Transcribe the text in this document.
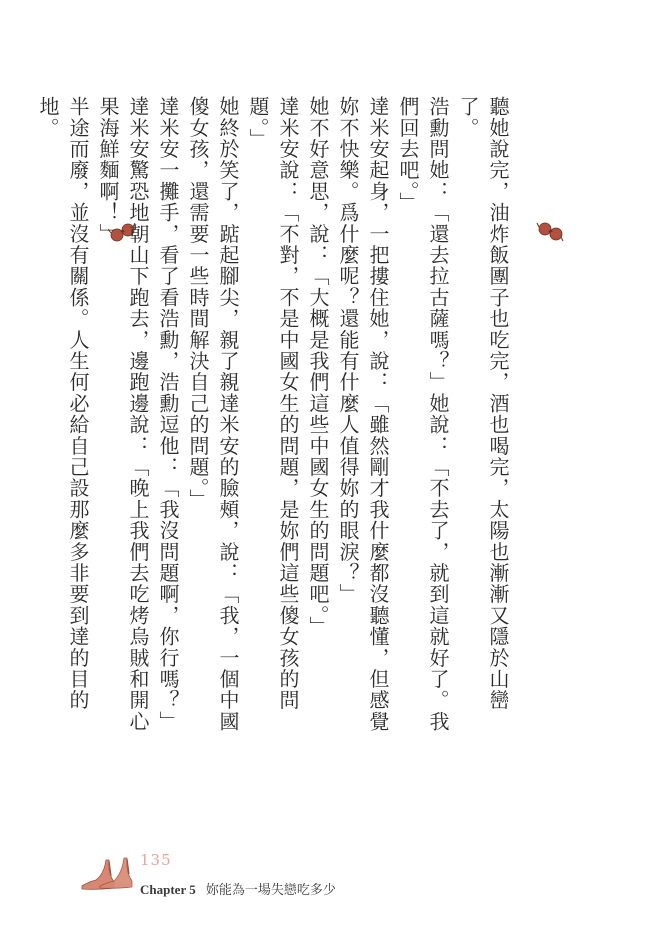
聽她說完，油炸飯團子也吃完，酒也喝完，太陽也漸漸又隱於山巒了。

浩勳問她：「還去拉古薩嗎？」她說：「不去了，就到這就好了。我們回去吧。」

達米安起身，一把摟住她，說：「雖然剛才我什麼都沒聽懂，但感覺妳不快樂。爲什麼呢？還能有什麼人值得妳的眼淚？」

她不好意思，說：「大概是我們這些中國女生的問題吧。」

達米安說：「不對，不是中國女生的問題，是妳們這些傻女孩的問題。」

她終於笑了，踮起腳尖，親了親達米安的臉頰，說：「我，一個中國傻女孩，還需要一些時間解決自己的問題。」

達米安一攤手，看了看浩勳，浩勳逗他：「我沒問題啊，你行嗎？」

達米安驚恐地朝山下跑去，邊跑邊說：「晚上我們去吃烤烏賊和開心果海鮮麵啊！」

半途而廢，並沒有關係。人生何必給自己設那麼多非要到達的目的地。

135
Chapter 5 妳能為一場失戀吃多少
